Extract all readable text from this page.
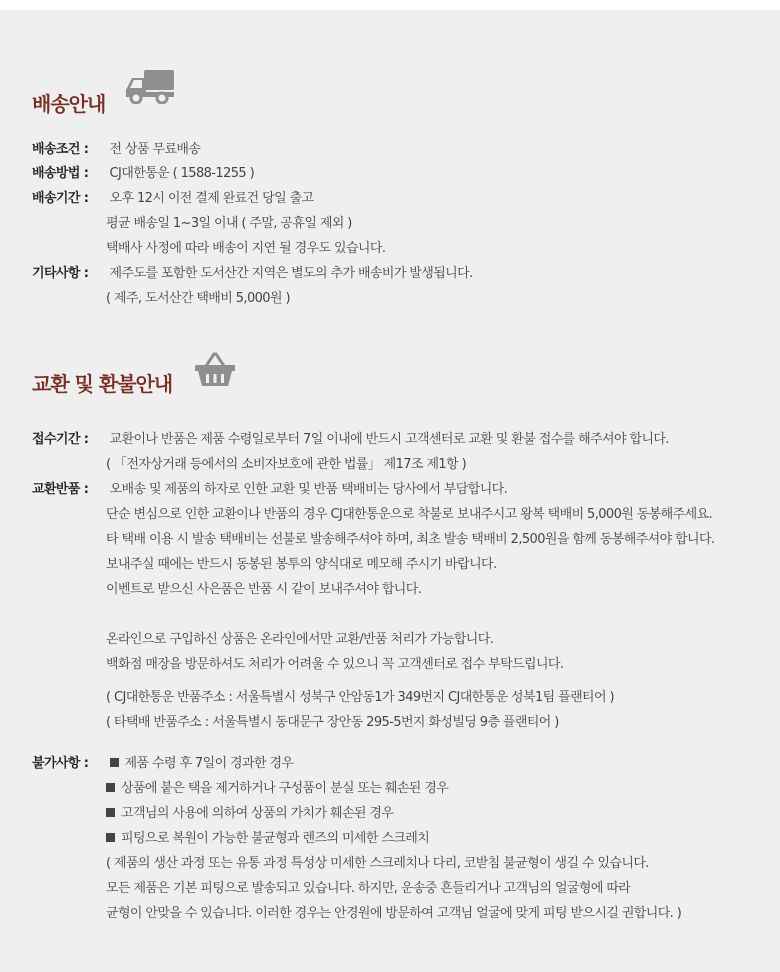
배송안내
배송조건 : 전 상품 무료배송
배송방법 : CJ대한통운 ( 1588-1255 )
배송기간 : 오후 12시 이전 결제 완료건 당일 출고
평균 배송일 1~3일 이내 ( 주말, 공휴일 제외 )
택배사 사정에 따라 배송이 지연 될 경우도 있습니다.
기타사항 : 제주도를 포함한 도서산간 지역은 별도의 추가 배송비가 발생됩니다.
( 제주, 도서산간 택배비 5,000원 )
교환 및 환불안내
접수기간 : 교환이나 반품은 제품 수령일로부터 7일 이내에 반드시 고객센터로 교환 및 환불 접수를 해주셔야 합니다.
( 「전자상거래 등에서의 소비자보호에 관한 법률」 제17조 제1항 )
교환반품 : 오배송 및 제품의 하자로 인한 교환 및 반품 택배비는 당사에서 부담합니다.
단순 변심으로 인한 교환이나 반품의 경우 CJ대한통운으로 착불로 보내주시고 왕복 택배비 5,000원 동봉해주세요.
타 택배 이용 시 발송 택배비는 선불로 발송해주셔야 하며, 최초 발송 택배비 2,500원을 함께 동봉해주셔야 합니다.
보내주실 때에는 반드시 동봉된 봉투의 양식대로 메모해 주시기 바랍니다.
이벤트로 받으신 사은품은 반품 시 같이 보내주셔야 합니다.
온라인으로 구입하신 상품은 온라인에서만 교환/반품 처리가 가능합니다.
백화점 매장을 방문하셔도 처리가 어려울 수 있으니 꼭 고객센터로 접수 부탁드립니다.
( CJ대한통운 반품주소 : 서울특별시 성북구 안암동1가 349번지 CJ대한통운 성북1팀 플랜티어 )
( 타택배 반품주소 : 서울특별시 동대문구 장안동 295-5번지 화성빌딩 9층 플랜티어 )
불가사항 :	제품 수령 후 7일이 경과한 경우
상품에 붙은 택을 제거하거나 구성품이 분실 또는 훼손된 경우
고객님의 사용에 의하여 상품의 가치가 훼손된 경우
피팅으로 복원이 가능한 불균형과 렌즈의 미세한 스크레치
( 제품의 생산 과정 또는 유통 과정 특성상 미세한 스크레치나 다리, 코받침 불균형이 생길 수 있습니다.
모든 제품은 기본 피팅으로 발송되고 있습니다. 하지만, 운송중 흔들리거나 고객님의 얼굴형에 따라
균형이 안맞을 수 있습니다. 이러한 경우는 안경원에 방문하여 고객님 얼굴에 맞게 피팅 받으시길 권합니다. )
